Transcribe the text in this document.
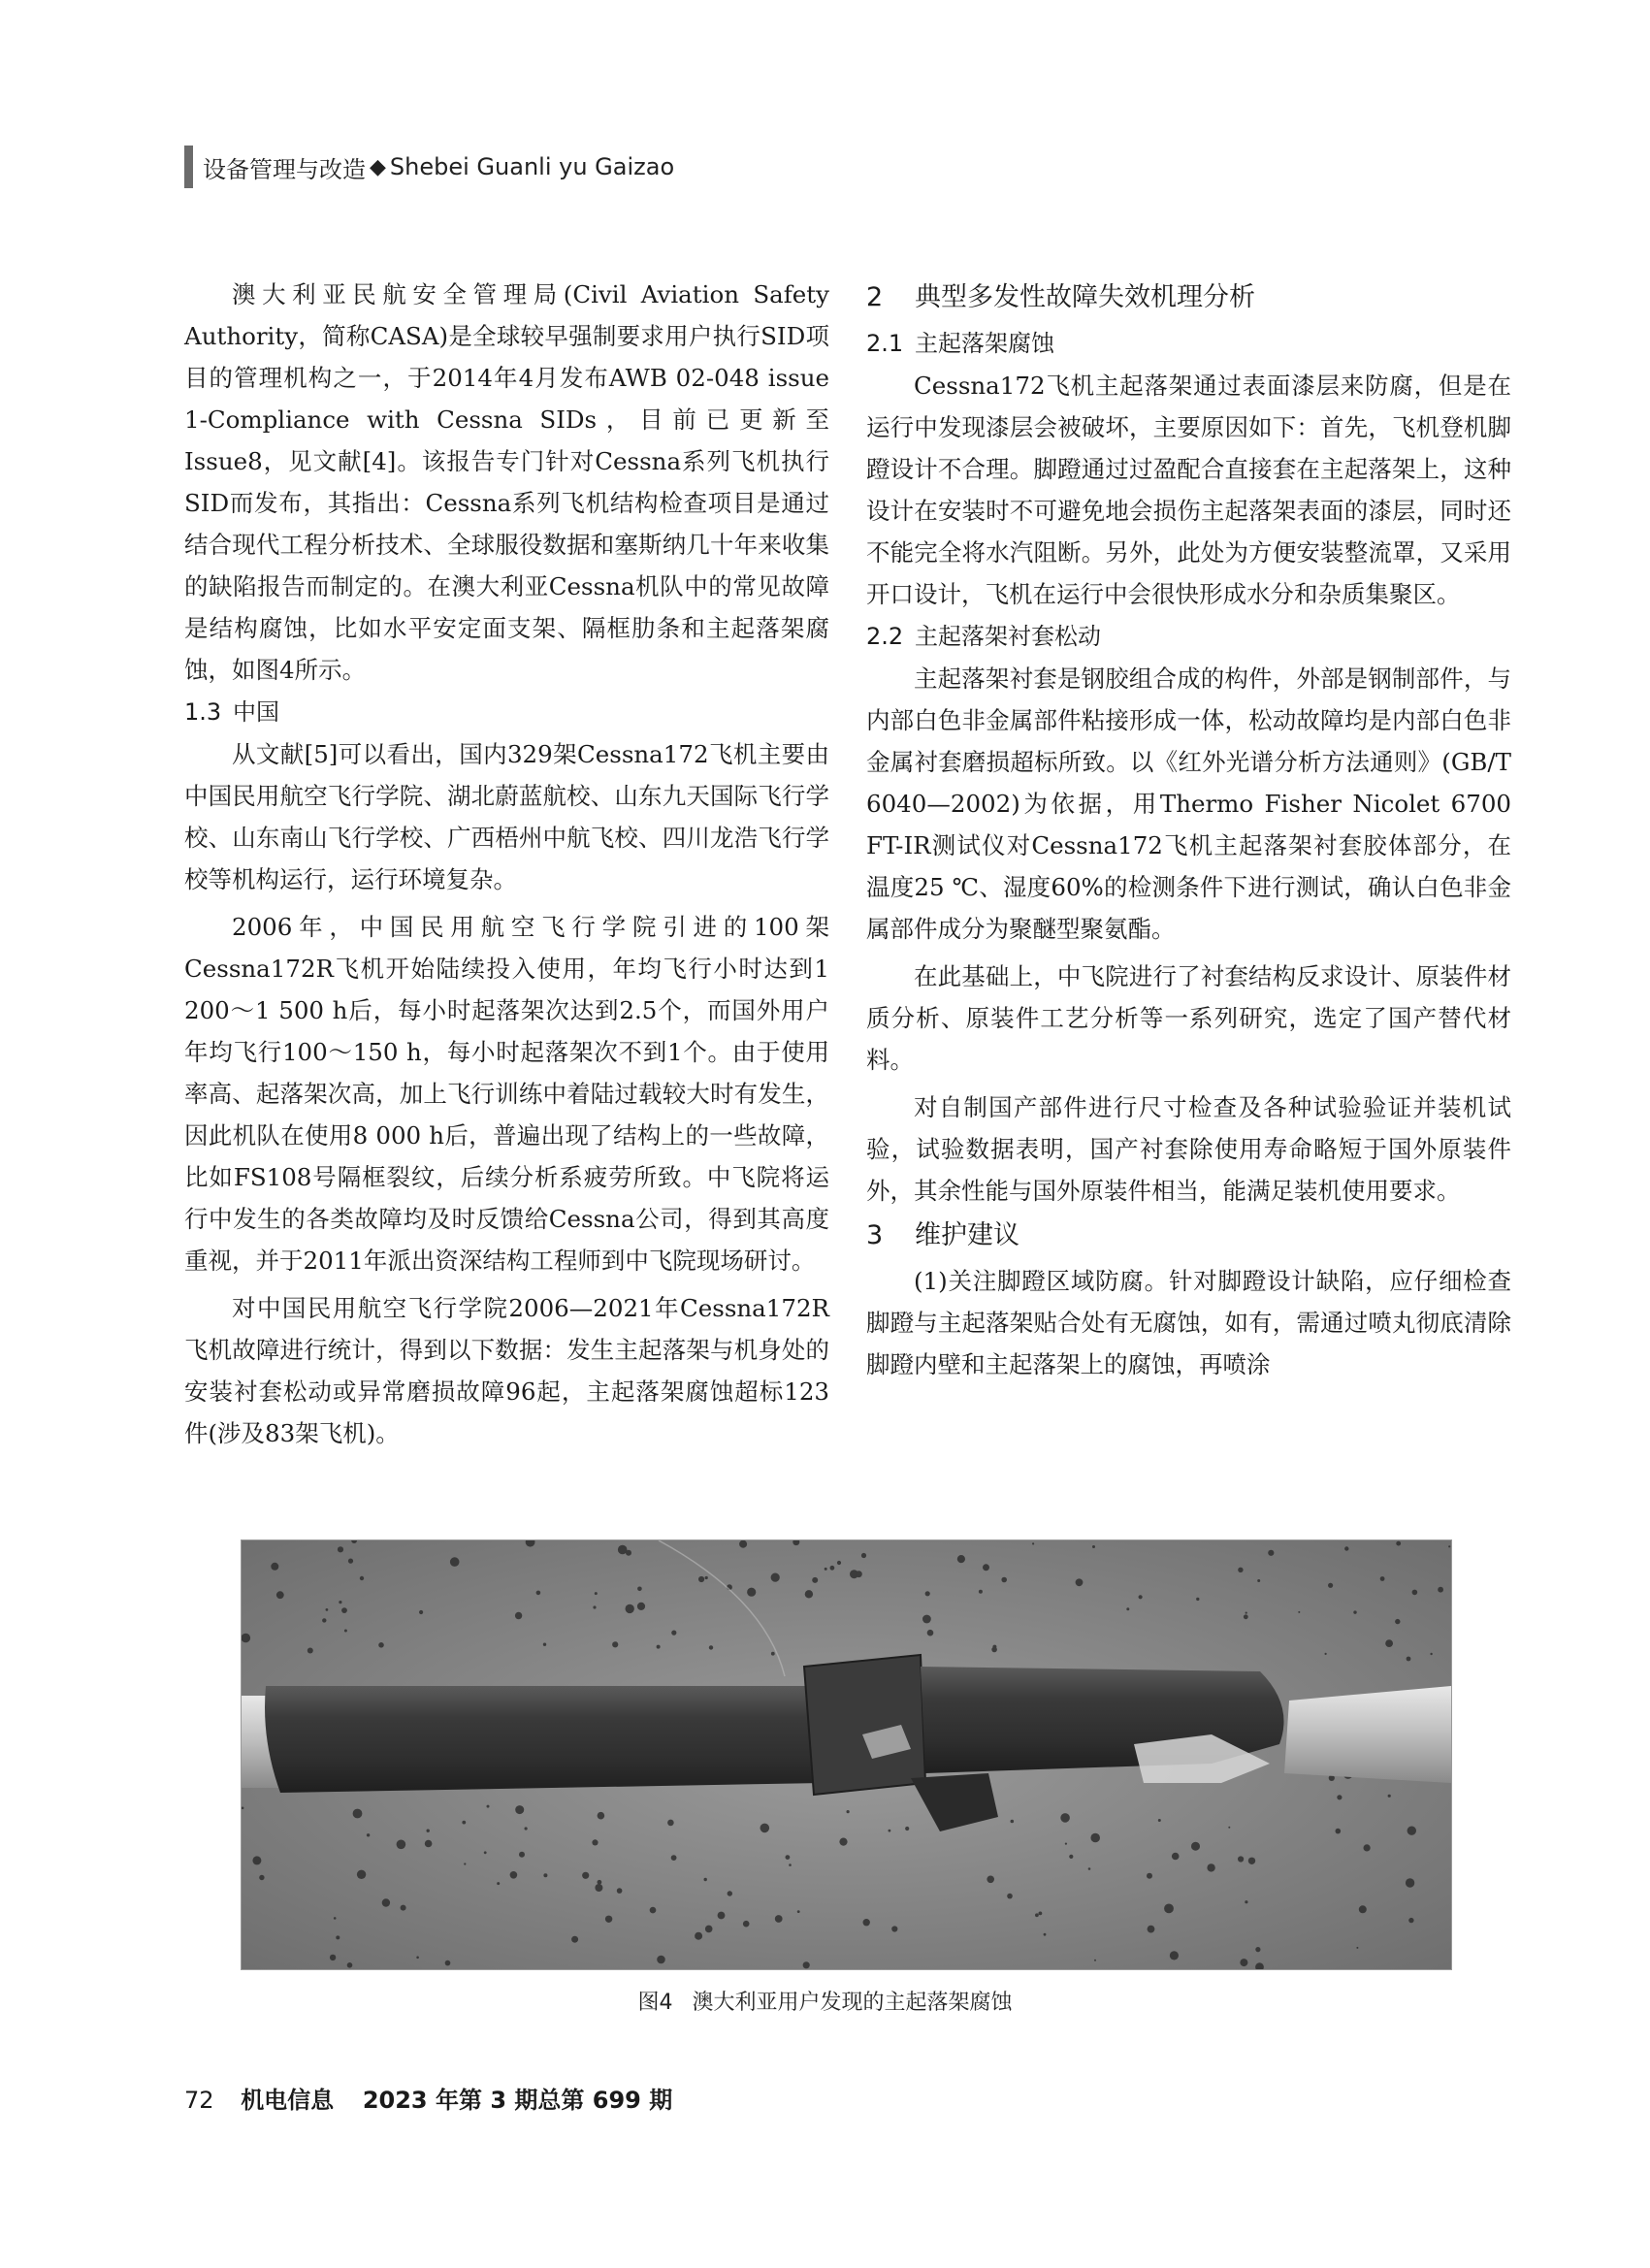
设备管理与改造 ◆ Shebei Guanli yu Gaizao

澳大利亚民航安全管理局(Civil Aviation Safety Authority，简称CASA)是全球较早强制要求用户执行SID项目的管理机构之一，于2014年4月发布AWB 02-048 issue 1-Compliance with Cessna SIDs，目前已更新至Issue8，见文献[4]。该报告专门针对Cessna系列飞机执行SID而发布，其指出：Cessna系列飞机结构检查项目是通过结合现代工程分析技术、全球服役数据和塞斯纳几十年来收集的缺陷报告而制定的。在澳大利亚Cessna机队中的常见故障是结构腐蚀，比如水平安定面支架、隔框肋条和主起落架腐蚀，如图4所示。

1.3 中国

从文献[5]可以看出，国内329架Cessna172飞机主要由中国民用航空飞行学院、湖北蔚蓝航校、山东九天国际飞行学校、山东南山飞行学校、广西梧州中航飞校、四川龙浩飞行学校等机构运行，运行环境复杂。

2006年，中国民用航空飞行学院引进的100架Cessna172R飞机开始陆续投入使用，年均飞行小时达到1 200～1 500 h后，每小时起落架次达到2.5个，而国外用户年均飞行100～150 h，每小时起落架次不到1个。由于使用率高、起落架次高，加上飞行训练中着陆过载较大时有发生，因此机队在使用8 000 h后，普遍出现了结构上的一些故障，比如FS108号隔框裂纹，后续分析系疲劳所致。中飞院将运行中发生的各类故障均及时反馈给Cessna公司，得到其高度重视，并于2011年派出资深结构工程师到中飞院现场研讨。

对中国民用航空飞行学院2006—2021年Cessna172R飞机故障进行统计，得到以下数据：发生主起落架与机身处的安装衬套松动或异常磨损故障96起，主起落架腐蚀超标123件(涉及83架飞机)。

2 典型多发性故障失效机理分析
2.1 主起落架腐蚀

Cessna172飞机主起落架通过表面漆层来防腐，但是在运行中发现漆层会被破坏，主要原因如下：首先，飞机登机脚蹬设计不合理。脚蹬通过过盈配合直接套在主起落架上，这种设计在安装时不可避免地会损伤主起落架表面的漆层，同时还不能完全将水汽阻断。另外，此处为方便安装整流罩，又采用开口设计，飞机在运行中会很快形成水分和杂质集聚区。

2.2 主起落架衬套松动

主起落架衬套是钢胶组合成的构件，外部是钢制部件，与内部白色非金属部件粘接形成一体，松动故障均是内部白色非金属衬套磨损超标所致。以《红外光谱分析方法通则》(GB/T 6040—2002)为依据，用Thermo Fisher Nicolet 6700 FT-IR测试仪对Cessna172飞机主起落架衬套胶体部分，在温度25 ℃、湿度60%的检测条件下进行测试，确认白色非金属部件成分为聚醚型聚氨酯。

在此基础上，中飞院进行了衬套结构反求设计、原装件材质分析、原装件工艺分析等一系列研究，选定了国产替代材料。

对自制国产部件进行尺寸检查及各种试验验证并装机试验，试验数据表明，国产衬套除使用寿命略短于国外原装件外，其余性能与国外原装件相当，能满足装机使用要求。

3 维护建议

(1)关注脚蹬区域防腐。针对脚蹬设计缺陷，应仔细检查脚蹬与主起落架贴合处有无腐蚀，如有，需通过喷丸彻底清除脚蹬内壁和主起落架上的腐蚀，再喷涂

图4 澳大利亚用户发现的主起落架腐蚀
72 机电信息 2023 年第 3 期总第 699 期
